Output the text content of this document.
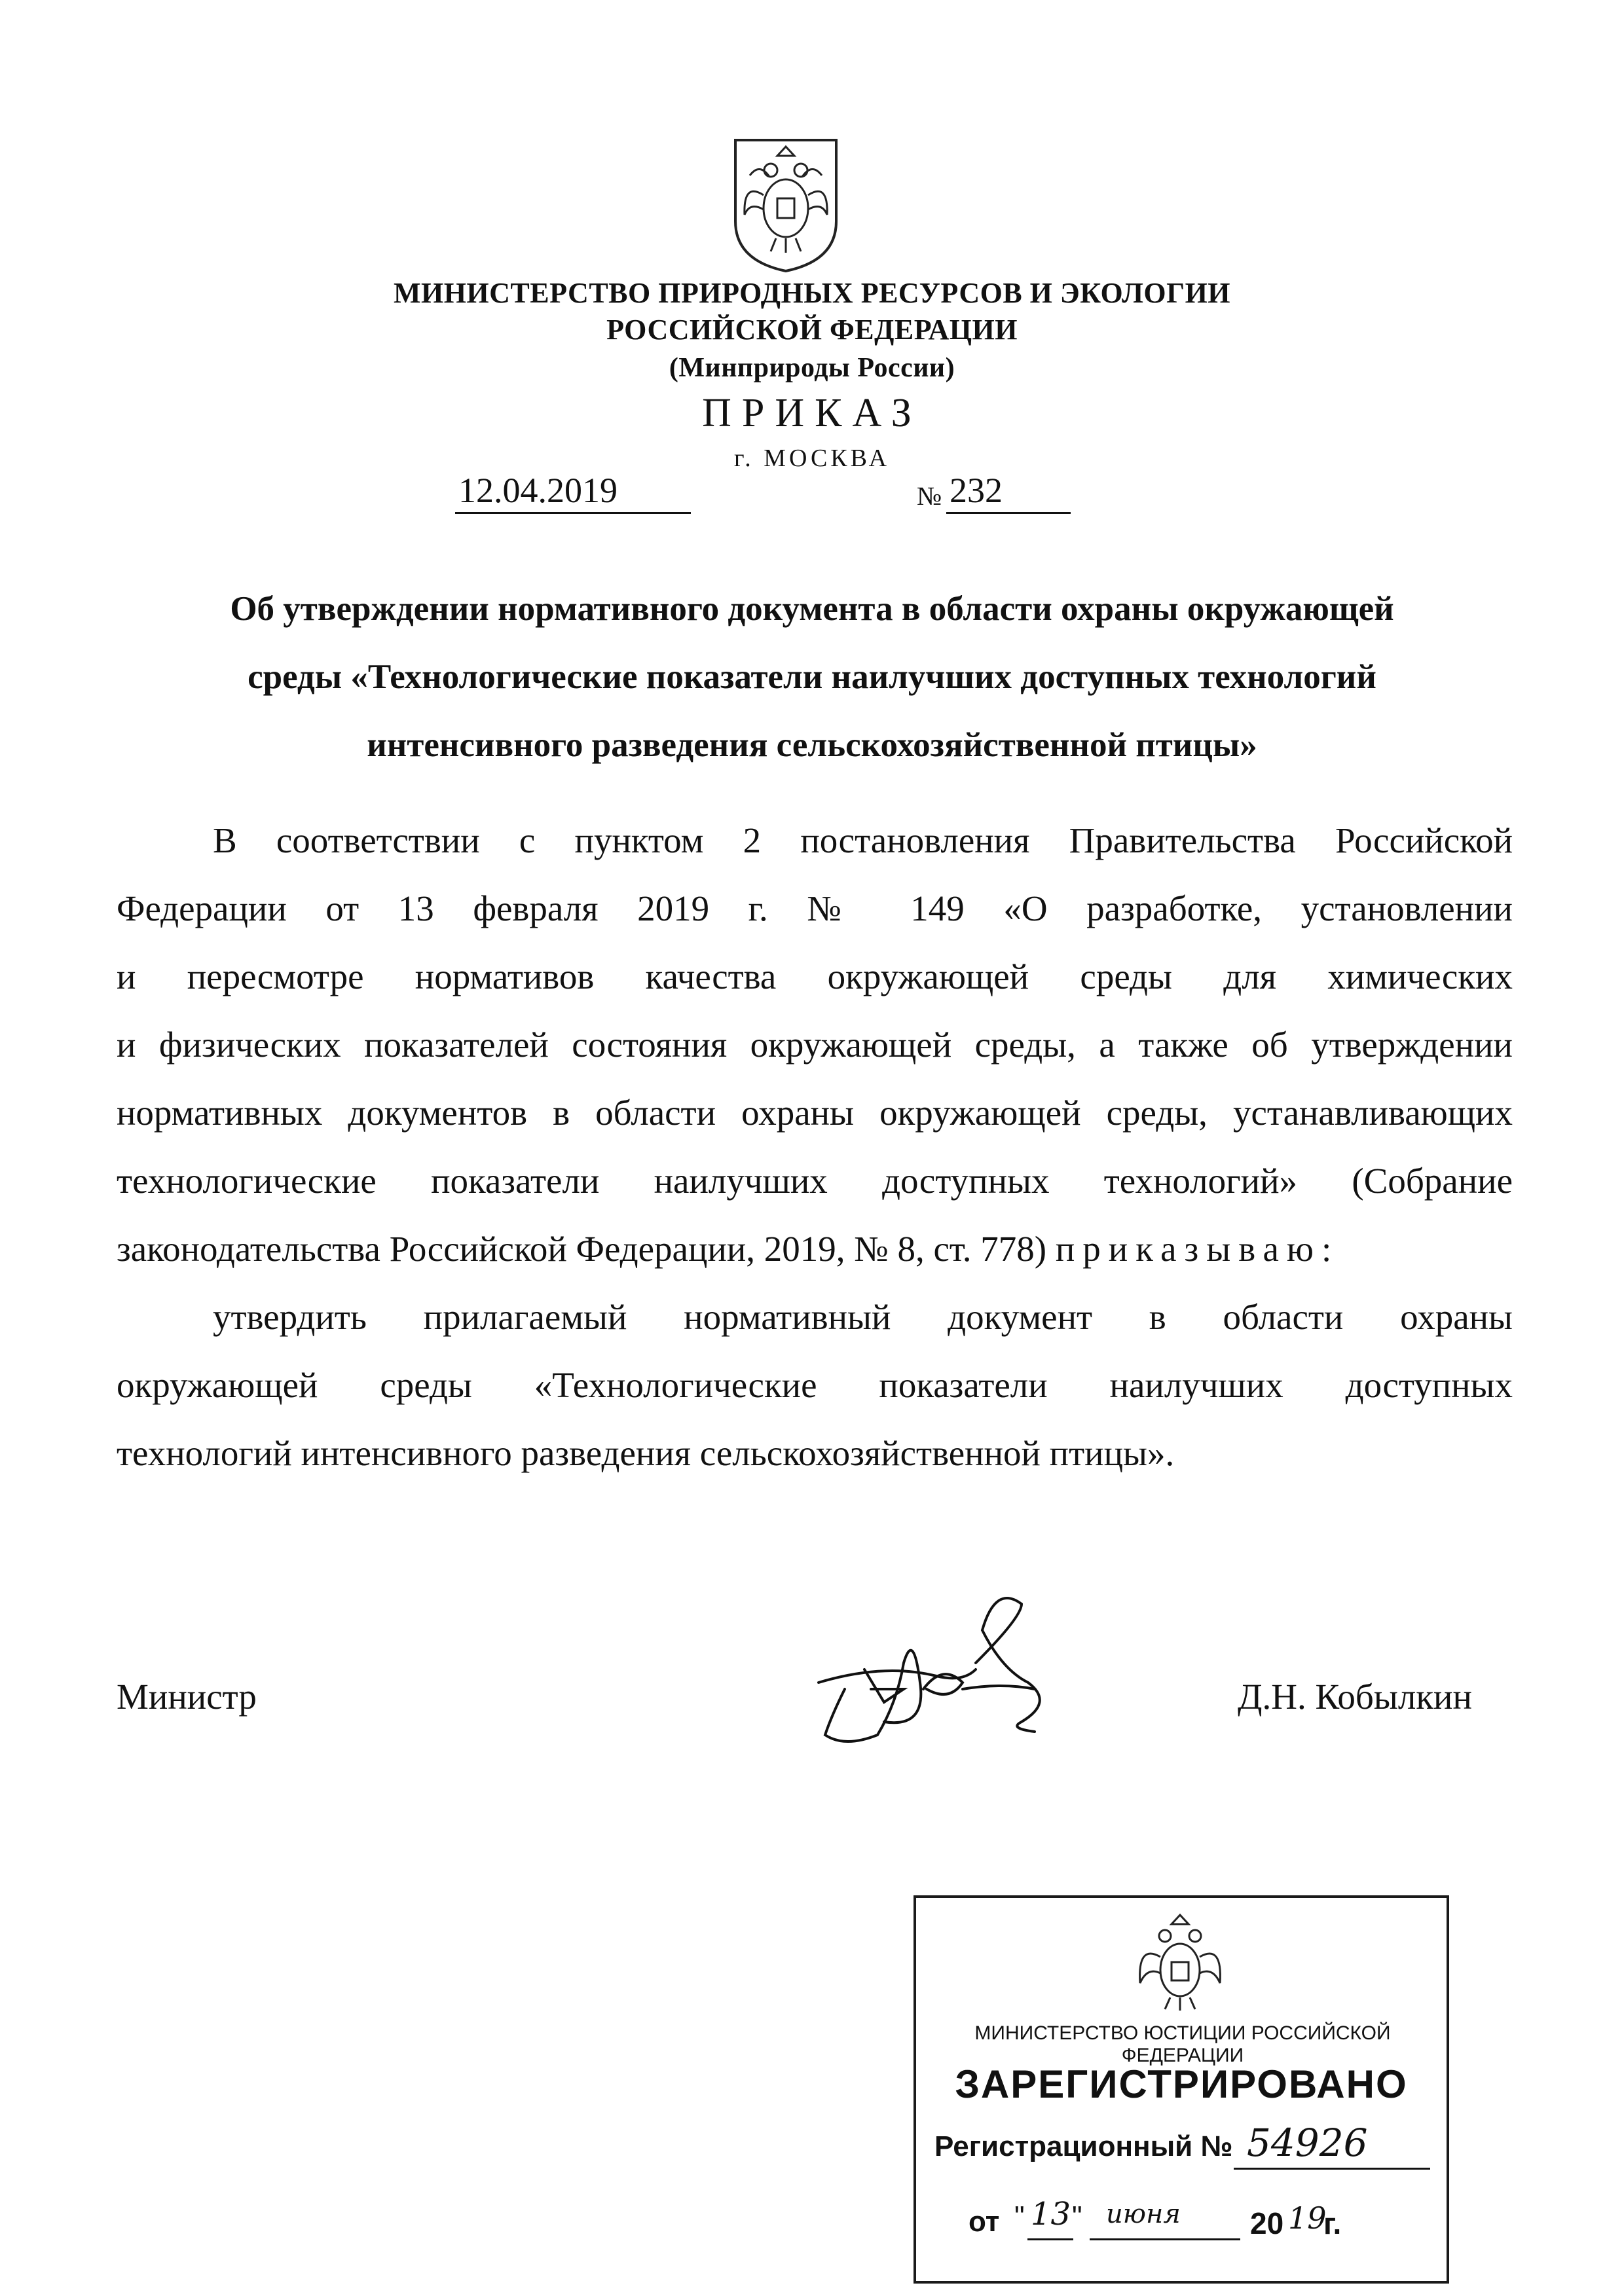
МИНИСТЕРСТВО ПРИРОДНЫХ РЕСУРСОВ И ЭКОЛОГИИ
РОССИЙСКОЙ ФЕДЕРАЦИИ
(Минприроды России)
ПРИКАЗ
г. МОСКВА
12.04.2019	№ 232
Об утверждении нормативного документа в области охраны окружающей
среды «Технологические показатели наилучших доступных технологий
интенсивного разведения сельскохозяйственной птицы»
В соответствии с пунктом 2 постановления Правительства Российской
Федерации от 13 февраля 2019 г. № 149 «О разработке, установлении
и пересмотре нормативов качества окружающей среды для химических
и физических показателей состояния окружающей среды, а также об утверждении
нормативных документов в области охраны окружающей среды, устанавливающих
технологические показатели наилучших доступных технологий» (Собрание
законодательства Российской Федерации, 2019, № 8, ст. 778) приказываю:
утвердить прилагаемый нормативный документ в области охраны
окружающей среды «Технологические показатели наилучших доступных
технологий интенсивного разведения сельскохозяйственной птицы».
Министр	Д.Н. Кобылкин
МИНИСТЕРСТВО ЮСТИЦИИ РОССИЙСКОЙ ФЕДЕРАЦИИ
ЗАРЕГИСТРИРОВАНО
Регистрационный № 54926
от " 13 " июня 20 19
г.
